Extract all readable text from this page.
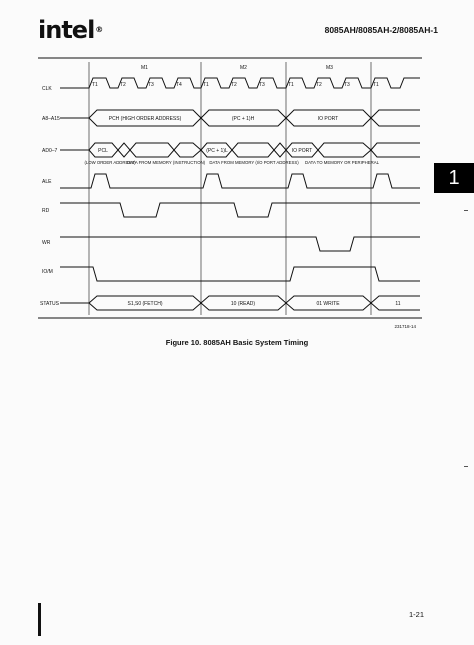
intel®	8085AH/8085AH-2/8085AH-1
1
M1	M2	M3
T1	T2	T3	T4	T1	T2	T3	T1	T2	T3	T1
CLK
A8–A15
AD0–7
ALE
RD
WR
IO/M
STATUS
PCH (HIGH ORDER ADDRESS)	(PC + 1)H	IO PORT
PCL	(PC + 1)L	IO PORT
(LOW ORDER ADDRESS)
DATA FROM MEMORY (INSTRUCTION) DATA FROM MEMORY (I/O PORT ADDRESS) DATA TO MEMORY OR PERIPHERAL
S1,S0 (FETCH)	10 (READ)	01 WRITE	11
231718-14
Figure 10. 8085AH Basic System Timing
1-21
